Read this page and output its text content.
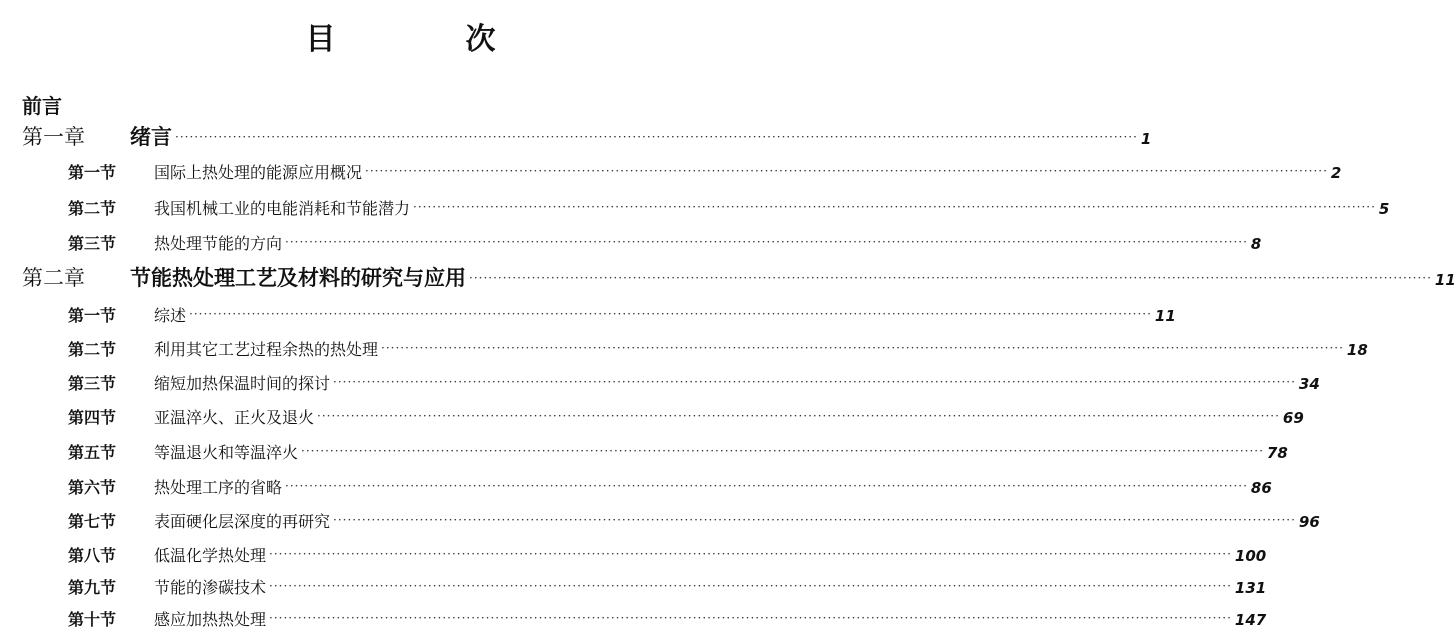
目　次
前言
第一章	绪言 ········································································································································································································ 1
第一节	国际上热处理的能源应用概况 ········································································································································································································ 2
第二节	我国机械工业的电能消耗和节能潜力 ········································································································································································································ 5
第三节	热处理节能的方向 ········································································································································································································ 8
第二章	节能热处理工艺及材料的研究与应用 ········································································································································································································ 11
第一节	综述 ········································································································································································································ 11
第二节	利用其它工艺过程余热的热处理 ········································································································································································································ 18
第三节	缩短加热保温时间的探讨 ········································································································································································································ 34
第四节	亚温淬火、正火及退火 ········································································································································································································ 69
第五节	等温退火和等温淬火 ········································································································································································································ 78
第六节	热处理工序的省略 ········································································································································································································ 86
第七节	表面硬化层深度的再研究 ········································································································································································································ 96
第八节	低温化学热处理 ········································································································································································································ 100
第九节	节能的渗碳技术 ········································································································································································································ 131
第十节	感应加热热处理 ········································································································································································································ 147
